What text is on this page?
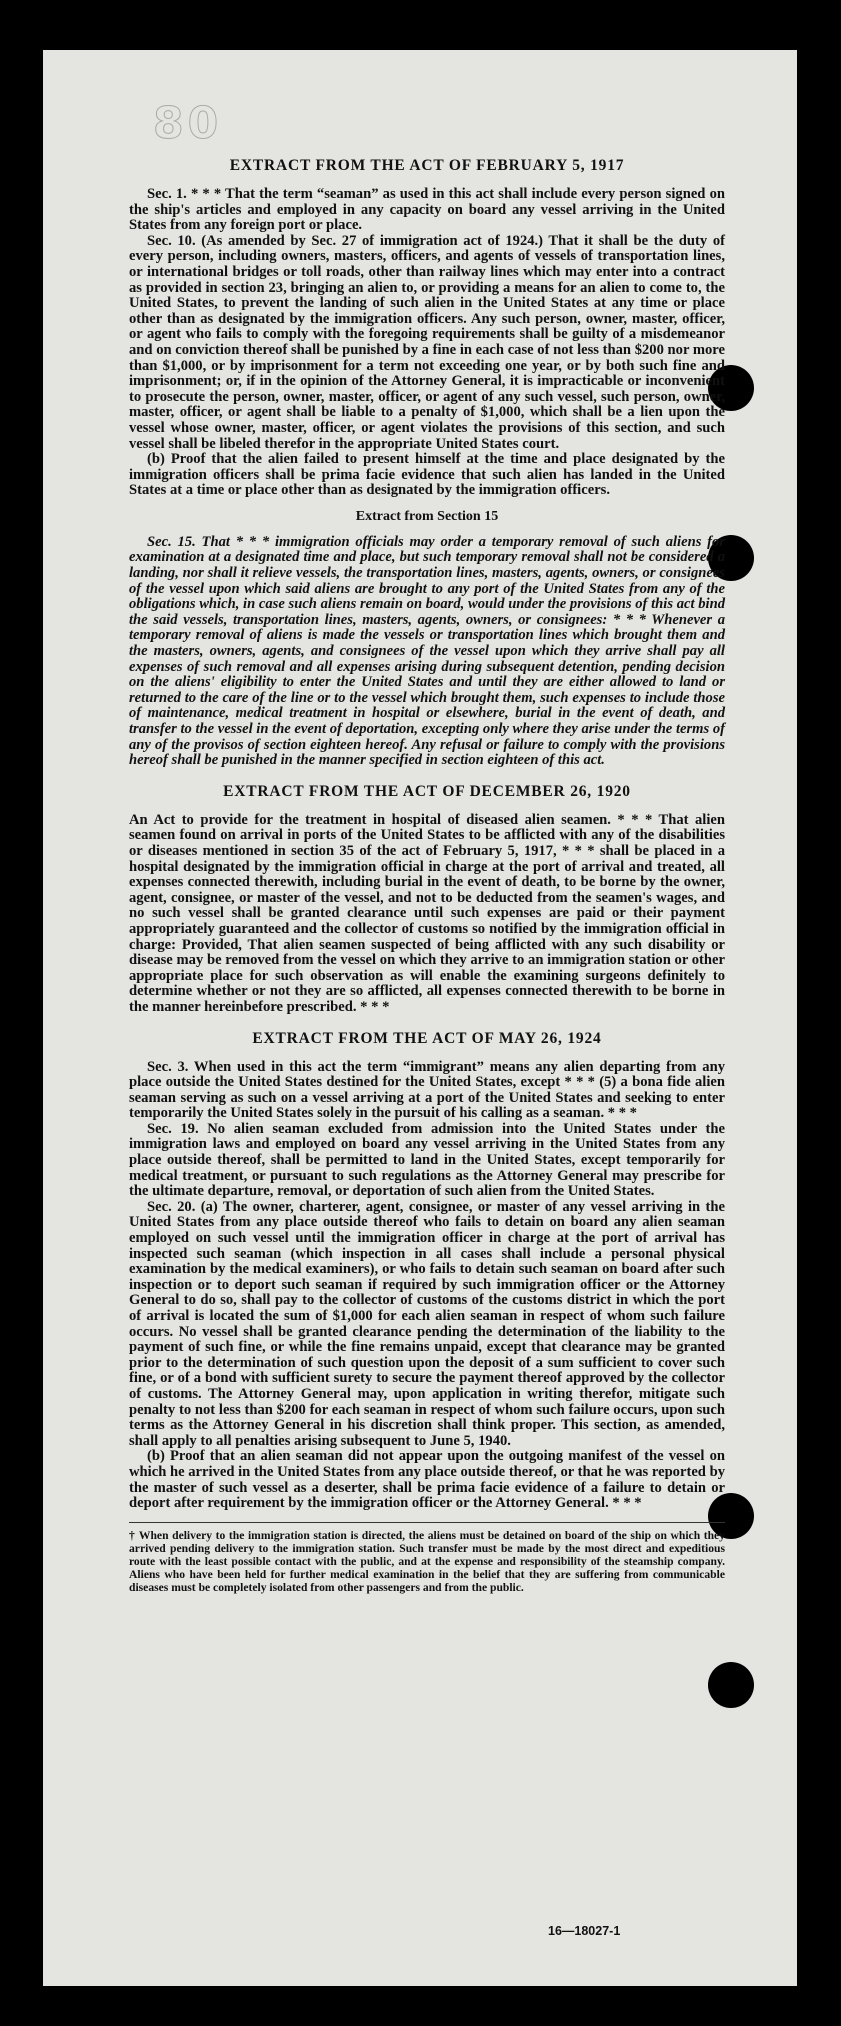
80
EXTRACT FROM THE ACT OF FEBRUARY 5, 1917

Sec. 1. * * * That the term “seaman” as used in this act shall include every person signed on the ship's articles and employed in any capacity on board any vessel arriving in the United States from any foreign port or place.

Sec. 10. (As amended by Sec. 27 of immigration act of 1924.) That it shall be the duty of every person, including owners, masters, officers, and agents of vessels of transportation lines, or international bridges or toll roads, other than railway lines which may enter into a contract as provided in section 23, bringing an alien to, or providing a means for an alien to come to, the United States, to prevent the landing of such alien in the United States at any time or place other than as designated by the immigration officers. Any such person, owner, master, officer, or agent who fails to comply with the foregoing requirements shall be guilty of a misdemeanor and on conviction thereof shall be punished by a fine in each case of not less than $200 nor more than $1,000, or by imprisonment for a term not exceeding one year, or by both such fine and imprisonment; or, if in the opinion of the Attorney General, it is impracticable or inconvenient to prosecute the person, owner, master, officer, or agent of any such vessel, such person, owner, master, officer, or agent shall be liable to a penalty of $1,000, which shall be a lien upon the vessel whose owner, master, officer, or agent violates the provisions of this section, and such vessel shall be libeled therefor in the appropriate United States court.

(b) Proof that the alien failed to present himself at the time and place designated by the immigration officers shall be prima facie evidence that such alien has landed in the United States at a time or place other than as designated by the immigration officers.

Extract from Section 15

Sec. 15. That * * * immigration officials may order a temporary removal of such aliens for examination at a designated time and place, but such temporary removal shall not be considered a landing, nor shall it relieve vessels, the transportation lines, masters, agents, owners, or consignees of the vessel upon which said aliens are brought to any port of the United States from any of the obligations which, in case such aliens remain on board, would under the provisions of this act bind the said vessels, transportation lines, masters, agents, owners, or consignees: * * * Whenever a temporary removal of aliens is made the vessels or transportation lines which brought them and the masters, owners, agents, and consignees of the vessel upon which they arrive shall pay all expenses of such removal and all expenses arising during subsequent detention, pending decision on the aliens' eligibility to enter the United States and until they are either allowed to land or returned to the care of the line or to the vessel which brought them, such expenses to include those of maintenance, medical treatment in hospital or elsewhere, burial in the event of death, and transfer to the vessel in the event of deportation, excepting only where they arise under the terms of any of the provisos of section eighteen hereof. Any refusal or failure to comply with the provisions hereof shall be punished in the manner specified in section eighteen of this act.

EXTRACT FROM THE ACT OF DECEMBER 26, 1920

An Act to provide for the treatment in hospital of diseased alien seamen. * * * That alien seamen found on arrival in ports of the United States to be afflicted with any of the disabilities or diseases mentioned in section 35 of the act of February 5, 1917, * * * shall be placed in a hospital designated by the immigration official in charge at the port of arrival and treated, all expenses connected therewith, including burial in the event of death, to be borne by the owner, agent, consignee, or master of the vessel, and not to be deducted from the seamen's wages, and no such vessel shall be granted clearance until such expenses are paid or their payment appropriately guaranteed and the collector of customs so notified by the immigration official in charge: Provided, That alien seamen suspected of being afflicted with any such disability or disease may be removed from the vessel on which they arrive to an immigration station or other appropriate place for such observation as will enable the examining surgeons definitely to determine whether or not they are so afflicted, all expenses connected therewith to be borne in the manner hereinbefore prescribed. * * *

EXTRACT FROM THE ACT OF MAY 26, 1924

Sec. 3. When used in this act the term “immigrant” means any alien departing from any place outside the United States destined for the United States, except * * * (5) a bona fide alien seaman serving as such on a vessel arriving at a port of the United States and seeking to enter temporarily the United States solely in the pursuit of his calling as a seaman. * * *

Sec. 19. No alien seaman excluded from admission into the United States under the immigration laws and employed on board any vessel arriving in the United States from any place outside thereof, shall be permitted to land in the United States, except temporarily for medical treatment, or pursuant to such regulations as the Attorney General may prescribe for the ultimate departure, removal, or deportation of such alien from the United States.

Sec. 20. (a) The owner, charterer, agent, consignee, or master of any vessel arriving in the United States from any place outside thereof who fails to detain on board any alien seaman employed on such vessel until the immigration officer in charge at the port of arrival has inspected such seaman (which inspection in all cases shall include a personal physical examination by the medical examiners), or who fails to detain such seaman on board after such inspection or to deport such seaman if required by such immigration officer or the Attorney General to do so, shall pay to the collector of customs of the customs district in which the port of arrival is located the sum of $1,000 for each alien seaman in respect of whom such failure occurs. No vessel shall be granted clearance pending the determination of the liability to the payment of such fine, or while the fine remains unpaid, except that clearance may be granted prior to the determination of such question upon the deposit of a sum sufficient to cover such fine, or of a bond with sufficient surety to secure the payment thereof approved by the collector of customs. The Attorney General may, upon application in writing therefor, mitigate such penalty to not less than $200 for each seaman in respect of whom such failure occurs, upon such terms as the Attorney General in his discretion shall think proper. This section, as amended, shall apply to all penalties arising subsequent to June 5, 1940.

(b) Proof that an alien seaman did not appear upon the outgoing manifest of the vessel on which he arrived in the United States from any place outside thereof, or that he was reported by the master of such vessel as a deserter, shall be prima facie evidence of a failure to detain or deport after requirement by the immigration officer or the Attorney General. * * *

† When delivery to the immigration station is directed, the aliens must be detained on board of the ship on which they arrived pending delivery to the immigration station. Such transfer must be made by the most direct and expeditious route with the least possible contact with the public, and at the expense and responsibility of the steamship company. Aliens who have been held for further medical examination in the belief that they are suffering from communicable diseases must be completely isolated from other passengers and from the public.
16—18027-1
